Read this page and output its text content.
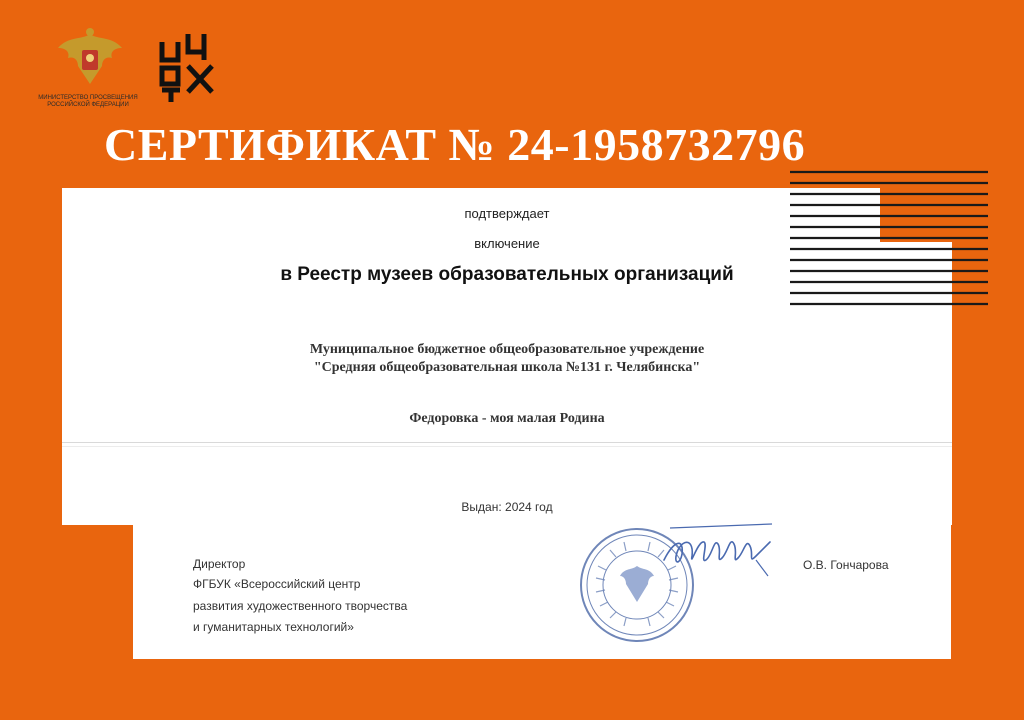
МИНИСТЕРСТВО ПРОСВЕЩЕНИЯ
РОССИЙСКОЙ ФЕДЕРАЦИИ
СЕРТИФИКАТ № 24-1958732796
подтверждает
включение
в Реестр музеев образовательных организаций
Муниципальное бюджетное общеобразовательное учреждение
"Средняя общеобразовательная школа №131 г. Челябинска"
Федоровка - моя малая Родина
Выдан: 2024 год
Директор
ФГБУК «Всероссийский центр
развития художественного творчества
и гуманитарных технологий»
О.В. Гончарова
